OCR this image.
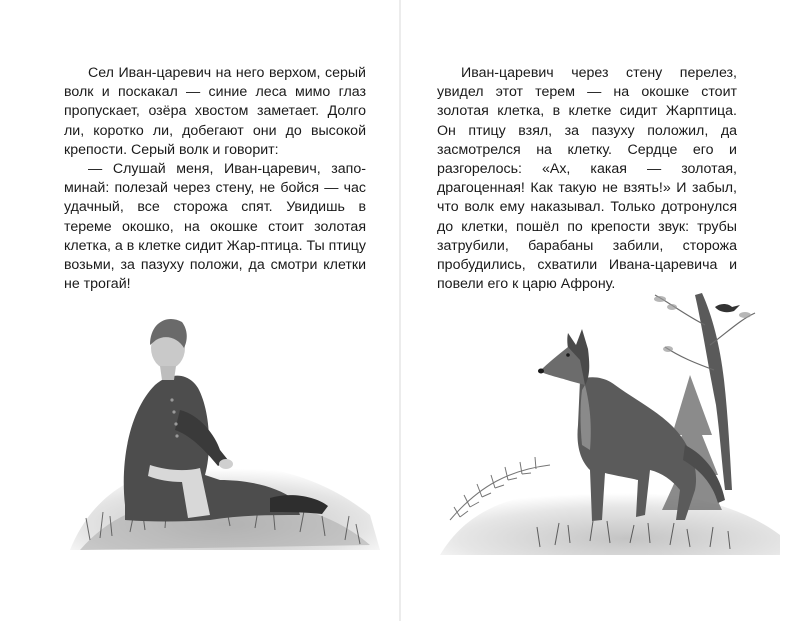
Сел Иван-царевич на него верхом, серый волк и поскакал — синие леса мимо глаз пропускает, озёра хвостом заметает. Долго ли, коротко ли, добегают они до высокой крепости. Серый волк и говорит:

— Слушай меня, Иван-царевич, запоминай: полезай через стену, не бойся — час удачный, все сторожа спят. Увидишь в тереме окошко, на окошке стоит золотая клетка, а в клетке сидит Жар-птица. Ты птицу возьми, за пазуху положи, да смотри клетки не трогай!

Иван-царевич через стену перелез, увидел этот терем — на окошке стоит золотая клетка, в клетке сидит Жарптица. Он птицу взял, за пазуху положил, да засмотрелся на клетку. Сердце его и разгорелось: «Ах, какая — золотая, драгоценная! Как такую не взять!» И забыл, что волк ему наказывал. Только дотронулся до клетки, пошёл по крепости звук: трубы затрубили, барабаны забили, сторожа пробудились, схватили Ивана-царевича и повели его к царю Афрону.
